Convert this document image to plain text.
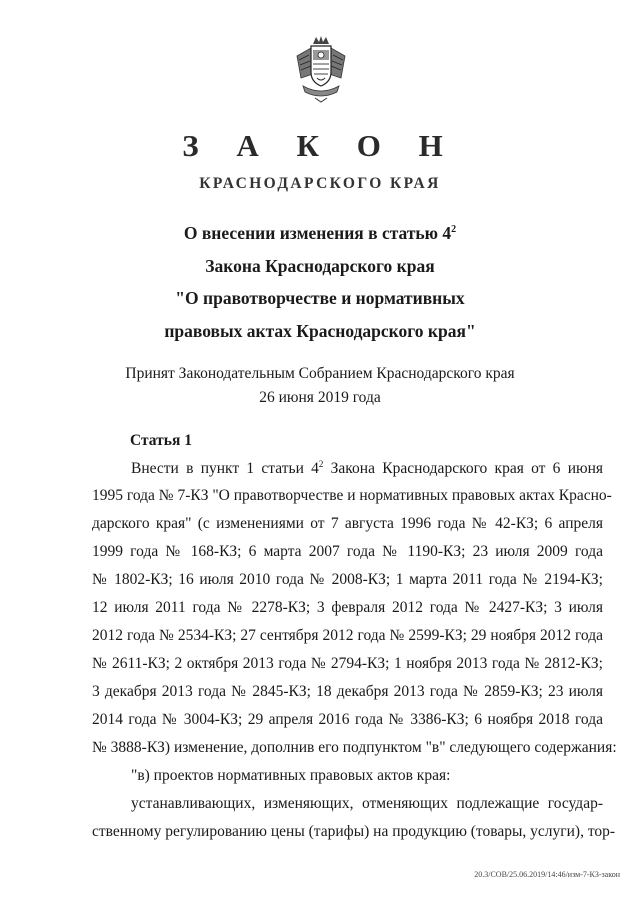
З А К О Н
КРАСНОДАРСКОГО КРАЯ
О внесении изменения в статью $4^2$
Закона Краснодарского края
"О правотворчестве и нормативных
правовых актах Краснодарского края"
Принят Законодательным Собранием Краснодарского края
26 июня 2019 года
Статья 1
Внести в пункт 1 статьи $4^2$ Закона Краснодарского края от 6 июня
1995 года № 7-КЗ "О правотворчестве и нормативных правовых актах Красно-
дарского края" (с изменениями от 7 августа 1996 года № 42-КЗ; 6 апреля
1999 года № 168-КЗ; 6 марта 2007 года № 1190-КЗ; 23 июля 2009 года
№ 1802-КЗ; 16 июля 2010 года № 2008-КЗ; 1 марта 2011 года № 2194-КЗ;
12 июля 2011 года № 2278-КЗ; 3 февраля 2012 года № 2427-КЗ; 3 июля
2012 года № 2534-КЗ; 27 сентября 2012 года № 2599-КЗ; 29 ноября 2012 года
№ 2611-КЗ; 2 октября 2013 года № 2794-КЗ; 1 ноября 2013 года № 2812-КЗ;
3 декабря 2013 года № 2845-КЗ; 18 декабря 2013 года № 2859-КЗ; 23 июля
2014 года № 3004-КЗ; 29 апреля 2016 года № 3386-КЗ; 6 ноября 2018 года
№ 3888-КЗ) изменение, дополнив его подпунктом "в" следующего содержания:
"в) проектов нормативных правовых актов края:
устанавливающих, изменяющих, отменяющих подлежащие государ-
ственному регулированию цены (тарифы) на продукцию (товары, услуги), тор-
20.3/COB/25.06.2019/14:46/изм-7-КЗ-закон
